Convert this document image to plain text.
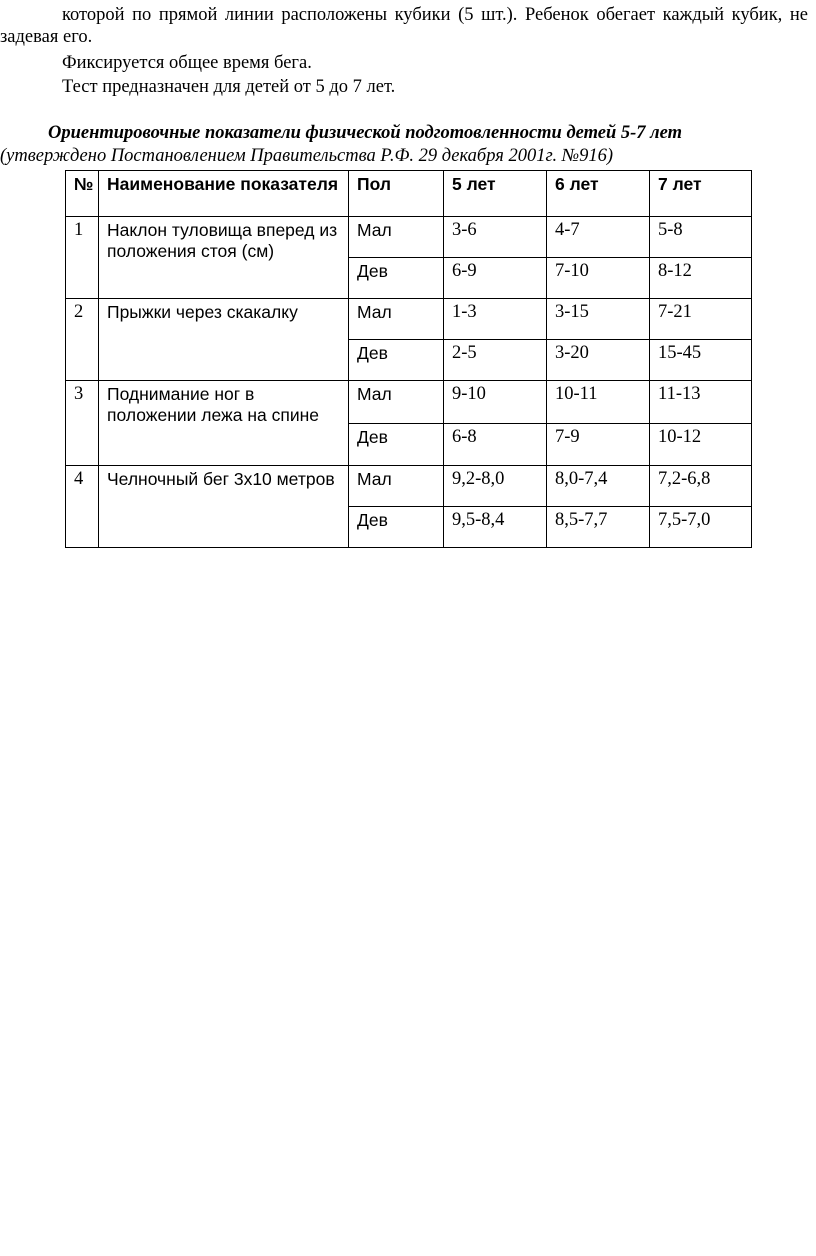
которой по прямой линии расположены кубики (5 шт.). Ребенок обегает каждый кубик, не задевая его.

Фиксируется общее время бега.

Тест предназначен для детей от 5 до 7 лет.

Ориентировочные показатели физической подготовленности детей 5-7 лет
(утверждено Постановлением Правительства Р.Ф. 29 декабря 2001г. №916)
№	Наименование показателя	Пол	5 лет	6 лет	7 лет
1	Наклон туловища вперед из положения стоя (см)	Мал	3-6	4-7	5-8
		Дев	6-9	7-10	8-12
2	Прыжки через скакалку	Мал	1-3	3-15	7-21
		Дев	2-5	3-20	15-45
3	Поднимание ног в положении лежа на спине	Мал	9-10	10-11	11-13
		Дев	6-8	7-9	10-12
4	Челночный бег 3х10 метров	Мал	9,2-8,0	8,0-7,4	7,2-6,8
		Дев	9,5-8,4	8,5-7,7	7,5-7,0
